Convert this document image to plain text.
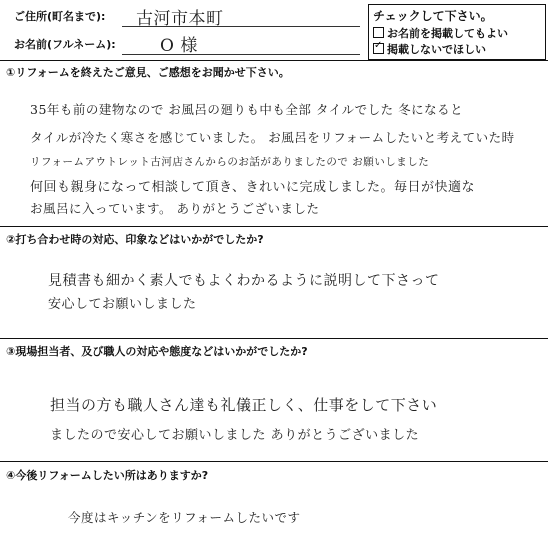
ご住所(町名まで): 古河市本町
お名前(フルネーム):	O 様
チェックして下さい。
お名前を掲載してもよい
✓ 掲載しないでほしい
①リフォームを終えたご意見、ご感想をお聞かせ下さい。
35年も前の建物なので お風呂の廻りも中も全部 タイルでした 冬になると
タイルが冷たく寒さを感じていました。 お風呂をリフォームしたいと考えていた時
リフォームアウトレット古河店さんからのお話がありましたので お願いしました
何回も親身になって相談して頂き、きれいに完成しました。毎日が快適な
お風呂に入っています。 ありがとうございました
②打ち合わせ時の対応、印象などはいかがでしたか?
見積書も細かく素人でもよくわかるように説明して下さって
安心してお願いしました
③現場担当者、及び職人の対応や態度などはいかがでしたか?
担当の方も職人さん達も礼儀正しく、仕事をして下さい
ましたので安心してお願いしました ありがとうございました
④今後リフォームしたい所はありますか?
今度はキッチンをリフォームしたいです
